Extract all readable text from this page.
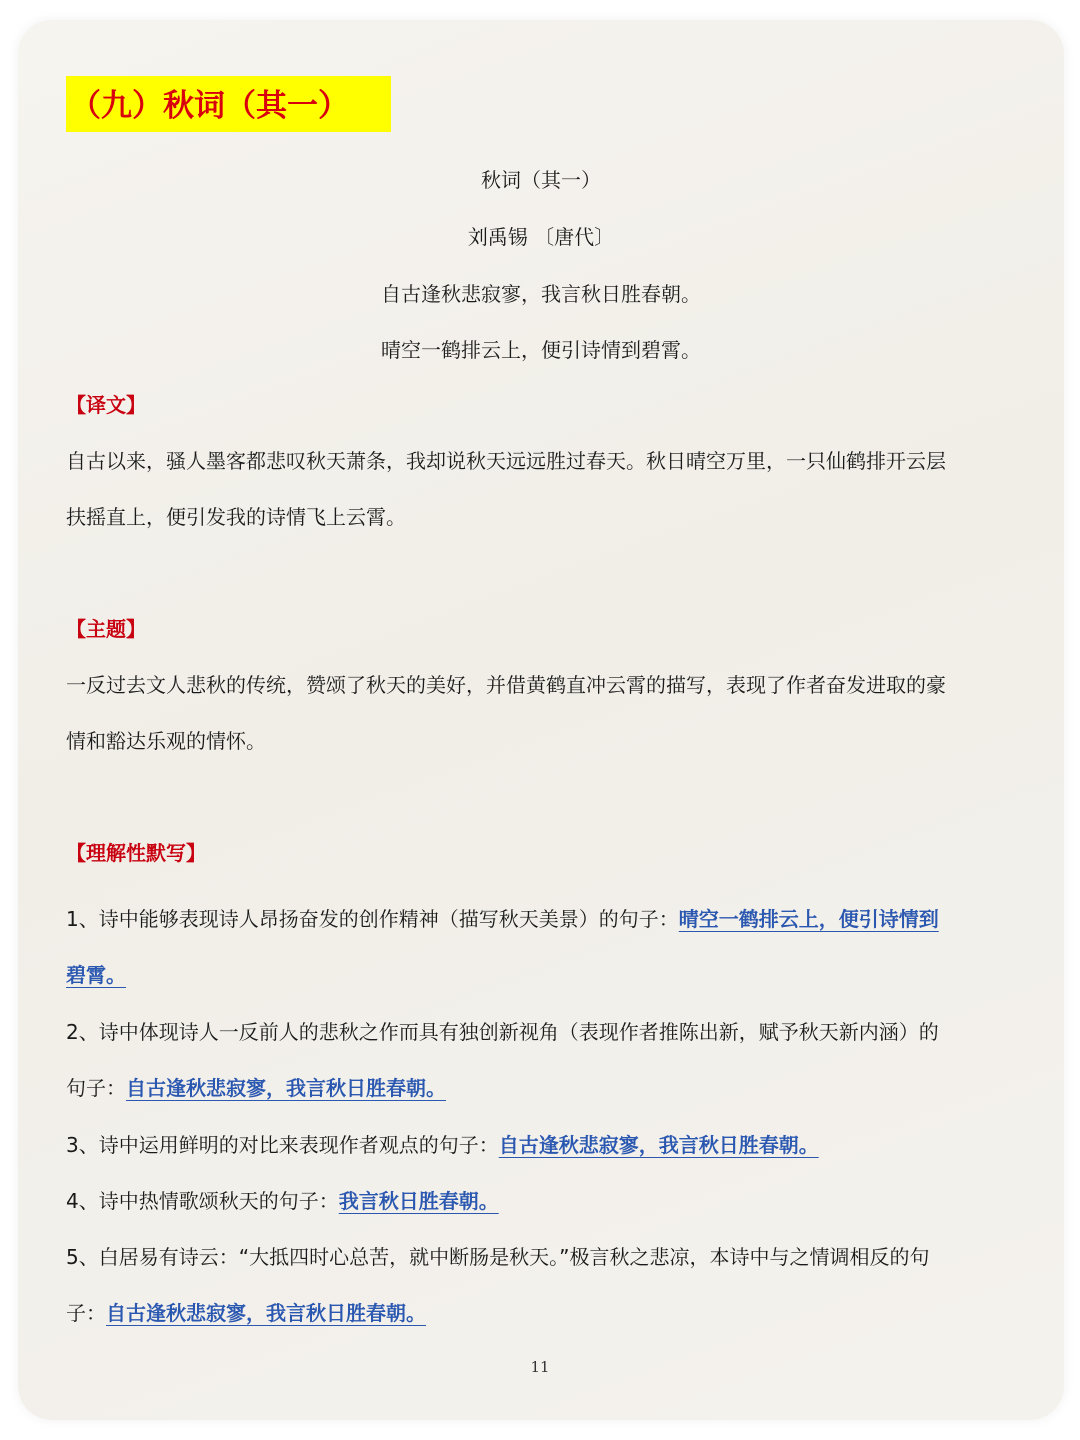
（九）秋词（其一）
秋词（其一）
刘禹锡 〔唐代〕
自古逢秋悲寂寥，我言秋日胜春朝。
晴空一鹤排云上，便引诗情到碧霄。
【译文】
自古以来，骚人墨客都悲叹秋天萧条，我却说秋天远远胜过春天。秋日晴空万里，一只仙鹤排开云层
扶摇直上，便引发我的诗情飞上云霄。
【主题】
一反过去文人悲秋的传统，赞颂了秋天的美好，并借黄鹤直冲云霄的描写，表现了作者奋发进取的豪
情和豁达乐观的情怀。
【理解性默写】
1、诗中能够表现诗人昂扬奋发的创作精神（描写秋天美景）的句子：晴空一鹤排云上，便引诗情到
碧霄。
2、诗中体现诗人一反前人的悲秋之作而具有独创新视角（表现作者推陈出新，赋予秋天新内涵）的
句子：自古逢秋悲寂寥，我言秋日胜春朝。
3、诗中运用鲜明的对比来表现作者观点的句子：自古逢秋悲寂寥，我言秋日胜春朝。
4、诗中热情歌颂秋天的句子：我言秋日胜春朝。
5、白居易有诗云：“大抵四时心总苦，就中断肠是秋天。”极言秋之悲凉，本诗中与之情调相反的句
子：自古逢秋悲寂寥，我言秋日胜春朝。
11
